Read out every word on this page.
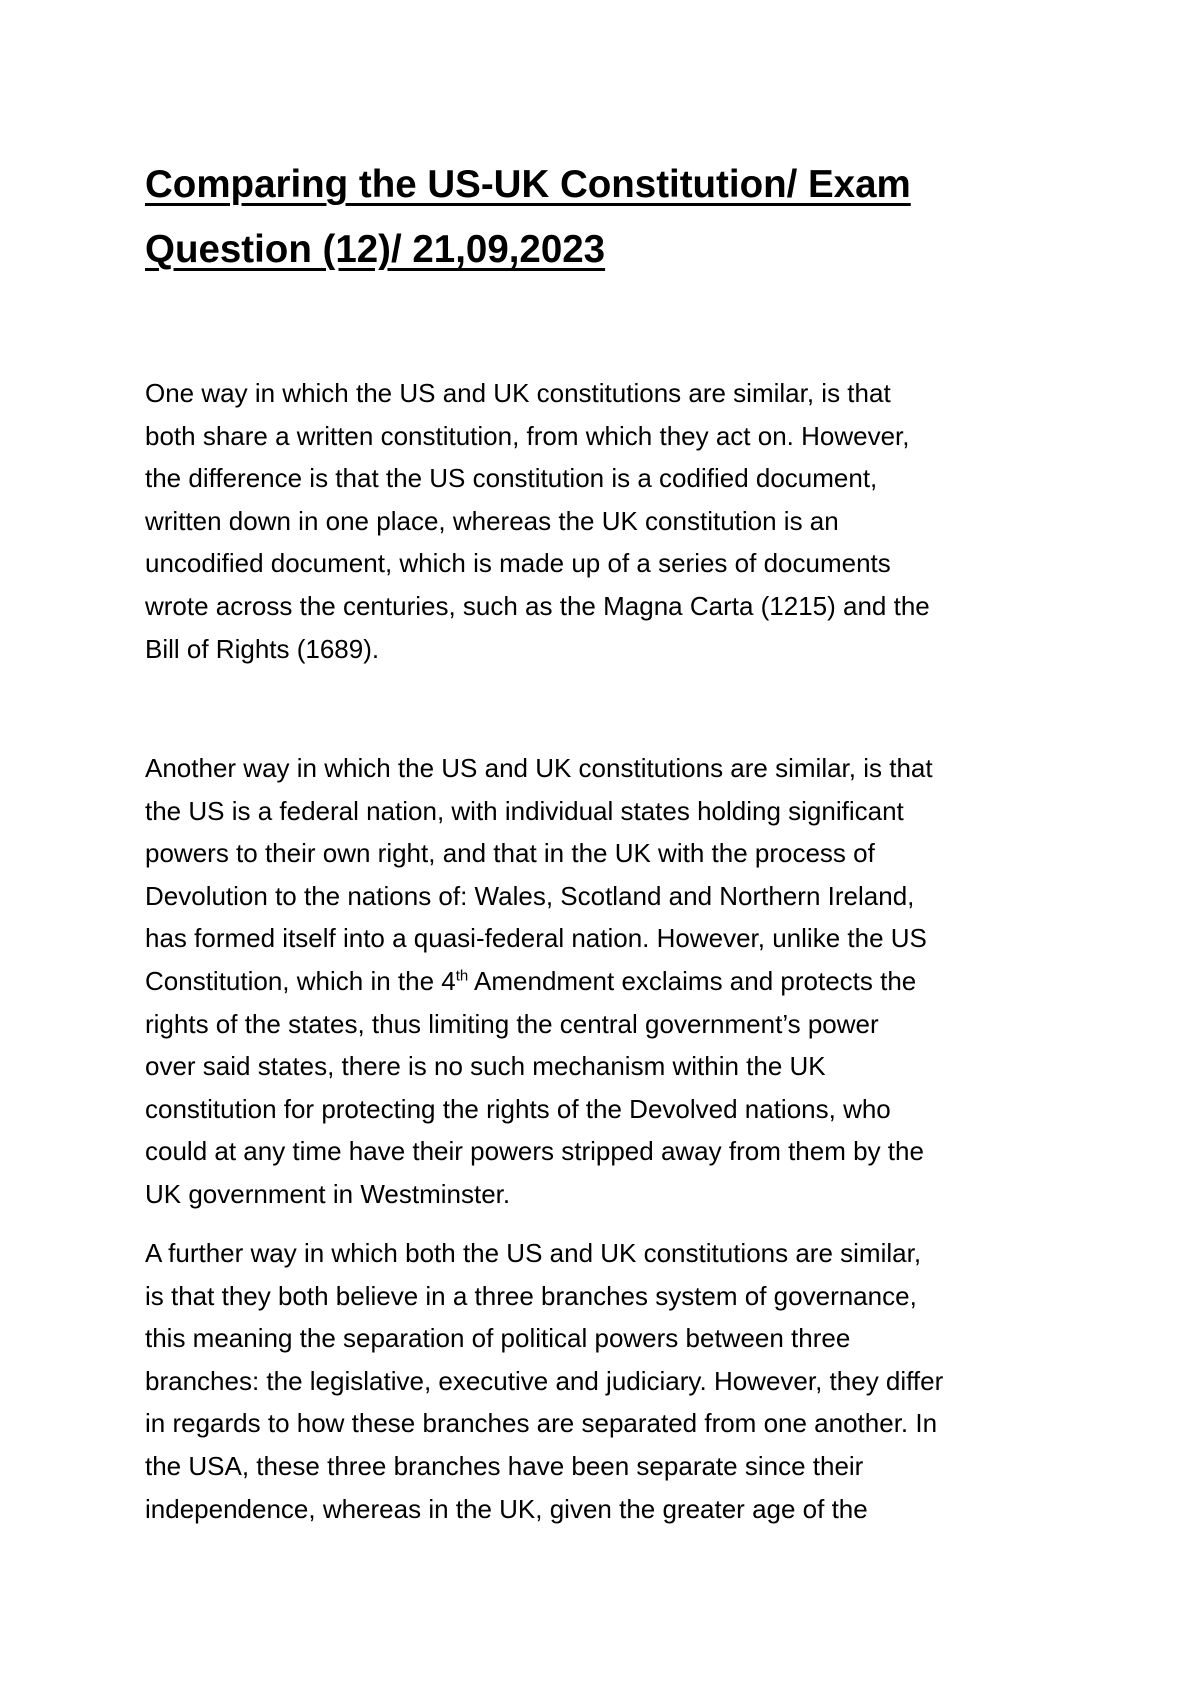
Comparing the US-UK Constitution/ Exam
Question (12)/ 21,09,2023

One way in which the US and UK constitutions are similar, is that
both share a written constitution, from which they act on. However,
the difference is that the US constitution is a codified document,
written down in one place, whereas the UK constitution is an
uncodified document, which is made up of a series of documents
wrote across the centuries, such as the Magna Carta (1215) and the
Bill of Rights (1689).

Another way in which the US and UK constitutions are similar, is that
the US is a federal nation, with individual states holding significant
powers to their own right, and that in the UK with the process of
Devolution to the nations of: Wales, Scotland and Northern Ireland,
has formed itself into a quasi-federal nation. However, unlike the US
Constitution, which in the 4th Amendment exclaims and protects the
rights of the states, thus limiting the central government’s power
over said states, there is no such mechanism within the UK
constitution for protecting the rights of the Devolved nations, who
could at any time have their powers stripped away from them by the
UK government in Westminster.

A further way in which both the US and UK constitutions are similar,
is that they both believe in a three branches system of governance,
this meaning the separation of political powers between three
branches: the legislative, executive and judiciary. However, they differ
in regards to how these branches are separated from one another. In
the USA, these three branches have been separate since their
independence, whereas in the UK, given the greater age of the
